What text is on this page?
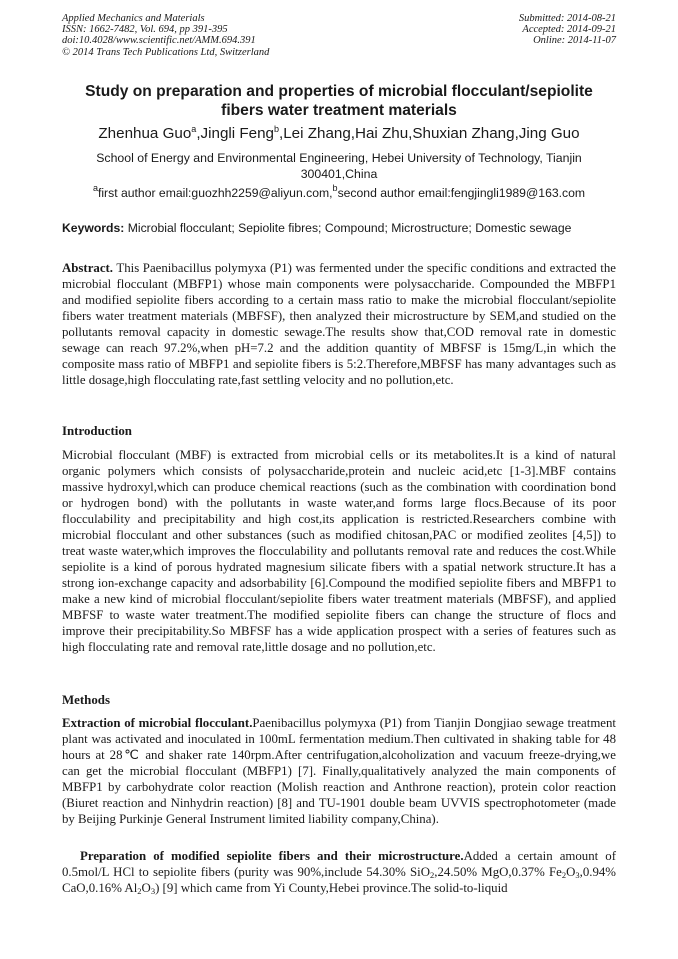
Applied Mechanics and Materials
ISSN: 1662-7482, Vol. 694, pp 391-395
doi:10.4028/www.scientific.net/AMM.694.391
© 2014 Trans Tech Publications Ltd, Switzerland
Submitted: 2014-08-21
Accepted: 2014-09-21
Online: 2014-11-07
Study on preparation and properties of microbial flocculant/sepiolite fibers water treatment materials
Zhenhua Guo$^a$,Jingli Feng$^b$,Lei Zhang,Hai Zhu,Shuxian Zhang,Jing Guo
School of Energy and Environmental Engineering, Hebei University of Technology, Tianjin 300401,China
$^a$first author email:guozhh2259@aliyun.com,$^b$second author email:fengjingli1989@163.com
Keywords: Microbial flocculant; Sepiolite fibres; Compound; Microstructure; Domestic sewage
Abstract. This Paenibacillus polymyxa (P1) was fermented under the specific conditions and extracted the microbial flocculant (MBFP1) whose main components were polysaccharide. Compounded the MBFP1 and modified sepiolite fibers according to a certain mass ratio to make the microbial flocculant/sepiolite fibers water treatment materials (MBFSF), then analyzed their microstructure by SEM,and studied on the pollutants removal capacity in domestic sewage.The results show that,COD removal rate in domestic sewage can reach 97.2%,when pH=7.2 and the addition quantity of MBFSF is 15mg/L,in which the composite mass ratio of MBFP1 and sepiolite fibers is 5:2.Therefore,MBFSF has many advantages such as little dosage,high flocculating rate,fast settling velocity and no pollution,etc.
Introduction
Microbial flocculant (MBF) is extracted from microbial cells or its metabolites.It is a kind of natural organic polymers which consists of polysaccharide,protein and nucleic acid,etc [1-3].MBF contains massive hydroxyl,which can produce chemical reactions (such as the combination with coordination bond or hydrogen bond) with the pollutants in waste water,and forms large flocs.Because of its poor flocculability and precipitability and high cost,its application is restricted.Researchers combine with microbial flocculant and other substances (such as modified chitosan,PAC or modified zeolites [4,5]) to treat waste water,which improves the flocculability and pollutants removal rate and reduces the cost.While sepiolite is a kind of porous hydrated magnesium silicate fibers with a spatial network structure.It has a strong ion-exchange capacity and adsorbability [6].Compound the modified sepiolite fibers and MBFP1 to make a new kind of microbial flocculant/sepiolite fibers water treatment materials (MBFSF), and applied MBFSF to waste water treatment.The modified sepiolite fibers can change the structure of flocs and improve their precipitability.So MBFSF has a wide application prospect with a series of features such as high flocculating rate and removal rate,little dosage and no pollution,etc.
Methods
Extraction of microbial flocculant.Paenibacillus polymyxa (P1) from Tianjin Dongjiao sewage treatment plant was activated and inoculated in 100mL fermentation medium.Then cultivated in shaking table for 48 hours at 28℃ and shaker rate 140rpm.After centrifugation,alcoholization and vacuum freeze-drying,we can get the microbial flocculant (MBFP1) [7]. Finally,qualitatively analyzed the main components of MBFP1 by carbohydrate color reaction (Molish reaction and Anthrone reaction), protein color reaction (Biuret reaction and Ninhydrin reaction) [8] and TU-1901 double beam UVVIS spectrophotometer (made by Beijing Purkinje General Instrument limited liability company,China).
Preparation of modified sepiolite fibers and their microstructure.Added a certain amount of 0.5mol/L HCl to sepiolite fibers (purity was 90%,include 54.30% SiO$_2$,24.50% MgO,0.37% $Fe_2O_3,0.94\%$ CaO,0.16% $Al_2O_3$) [9] which came from Yi County,Hebei province.The solid-to-liquid
